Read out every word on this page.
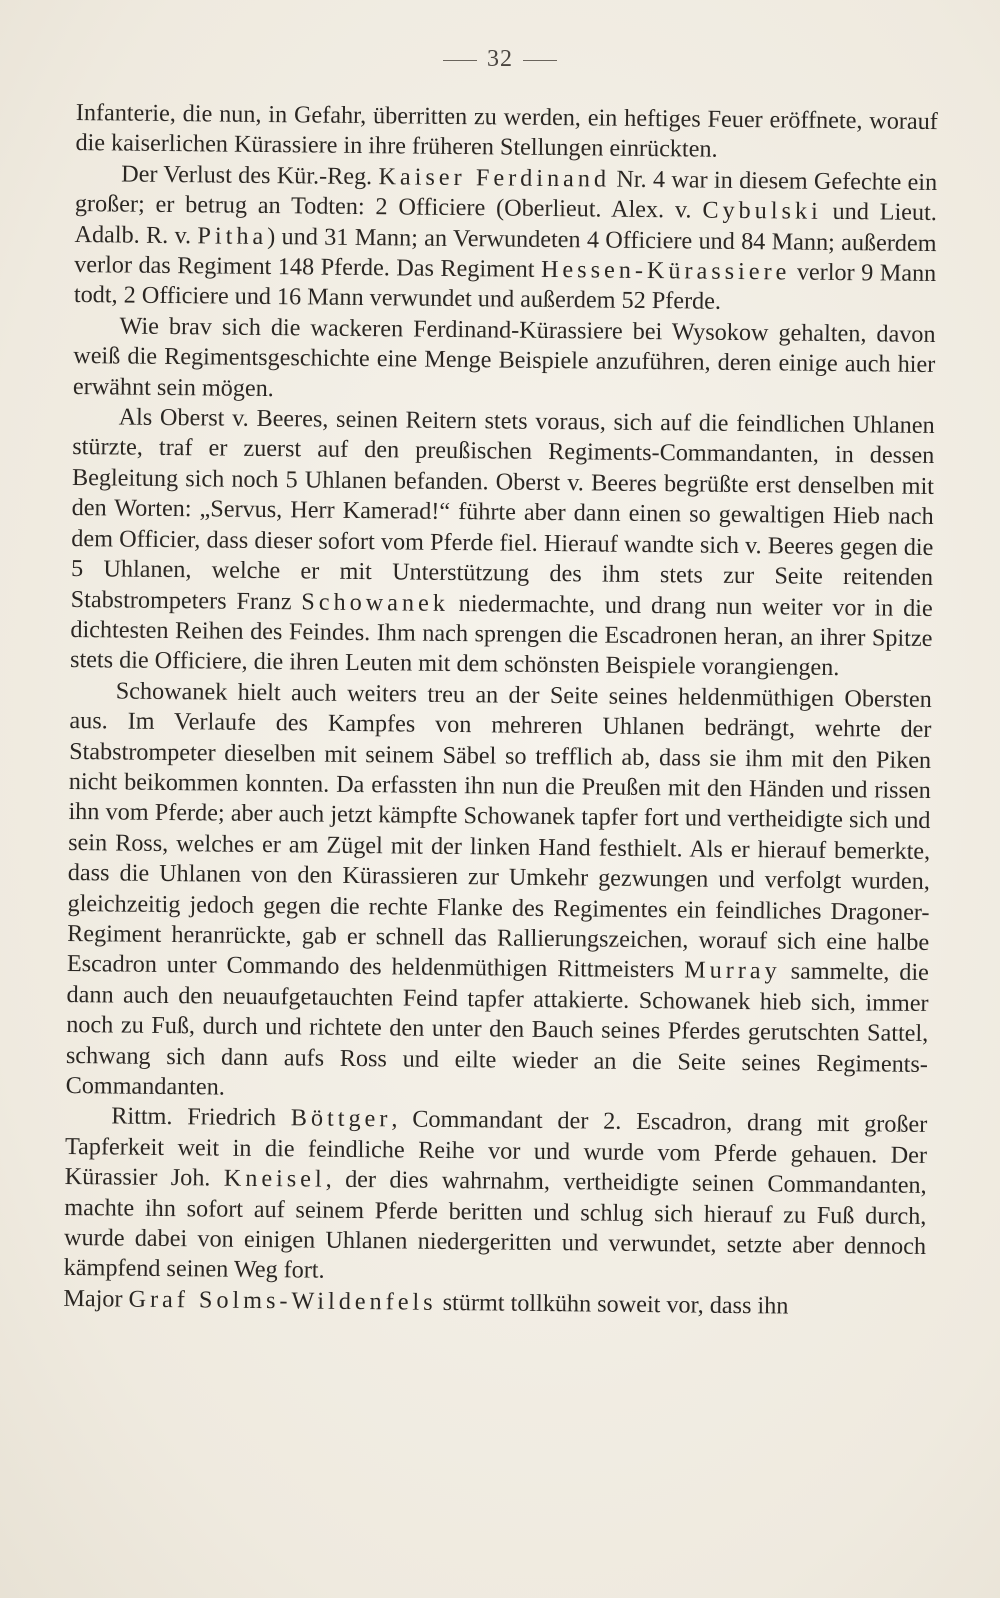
32

Infanterie, die nun, in Gefahr, überritten zu werden, ein heftiges Feuer eröffnete, worauf die kaiserlichen Kürassiere in ihre früheren Stellungen einrückten.

Der Verlust des Kür.-Reg. Kaiser Ferdinand Nr. 4 war in diesem Gefechte ein großer; er betrug an Todten: 2 Officiere (Oberlieut. Alex. v. Cybulski und Lieut. Adalb. R. v. Pitha) und 31 Mann; an Verwundeten 4 Officiere und 84 Mann; außerdem verlor das Regiment 148 Pferde. Das Regiment Hessen-Kürassiere verlor 9 Mann todt, 2 Officiere und 16 Mann verwundet und außerdem 52 Pferde.

Wie brav sich die wackeren Ferdinand-Kürassiere bei Wysokow gehalten, davon weiß die Regimentsgeschichte eine Menge Beispiele anzuführen, deren einige auch hier erwähnt sein mögen.

Als Oberst v. Beeres, seinen Reitern stets voraus, sich auf die feindlichen Uhlanen stürzte, traf er zuerst auf den preußischen Regiments-Commandanten, in dessen Begleitung sich noch 5 Uhlanen befanden. Oberst v. Beeres begrüßte erst denselben mit den Worten: „Servus, Herr Kamerad!“ führte aber dann einen so gewaltigen Hieb nach dem Officier, dass dieser sofort vom Pferde fiel. Hierauf wandte sich v. Beeres gegen die 5 Uhlanen, welche er mit Unterstützung des ihm stets zur Seite reitenden Stabstrompeters Franz Schowanek niedermachte, und drang nun weiter vor in die dichtesten Reihen des Feindes. Ihm nach sprengen die Escadronen heran, an ihrer Spitze stets die Officiere, die ihren Leuten mit dem schönsten Beispiele vorangiengen.

Schowanek hielt auch weiters treu an der Seite seines heldenmüthigen Obersten aus. Im Verlaufe des Kampfes von mehreren Uhlanen bedrängt, wehrte der Stabstrompeter dieselben mit seinem Säbel so trefflich ab, dass sie ihm mit den Piken nicht beikommen konnten. Da erfassten ihn nun die Preußen mit den Händen und rissen ihn vom Pferde; aber auch jetzt kämpfte Schowanek tapfer fort und vertheidigte sich und sein Ross, welches er am Zügel mit der linken Hand festhielt. Als er hierauf bemerkte, dass die Uhlanen von den Kürassieren zur Umkehr gezwungen und verfolgt wurden, gleichzeitig jedoch gegen die rechte Flanke des Regimentes ein feindliches Dragoner-Regiment heranrückte, gab er schnell das Rallierungszeichen, worauf sich eine halbe Escadron unter Commando des heldenmüthigen Rittmeisters Murray sammelte, die dann auch den neuaufgetauchten Feind tapfer attakierte. Schowanek hieb sich, immer noch zu Fuß, durch und richtete den unter den Bauch seines Pferdes gerutschten Sattel, schwang sich dann aufs Ross und eilte wieder an die Seite seines Regiments-Commandanten.

Rittm. Friedrich Böttger, Commandant der 2. Escadron, drang mit großer Tapferkeit weit in die feindliche Reihe vor und wurde vom Pferde gehauen. Der Kürassier Joh. Kneisel, der dies wahrnahm, vertheidigte seinen Commandanten, machte ihn sofort auf seinem Pferde beritten und schlug sich hierauf zu Fuß durch, wurde dabei von einigen Uhlanen niedergeritten und verwundet, setzte aber dennoch kämpfend seinen Weg fort.

Major Graf Solms-Wildenfels stürmt tollkühn soweit vor, dass ihn
